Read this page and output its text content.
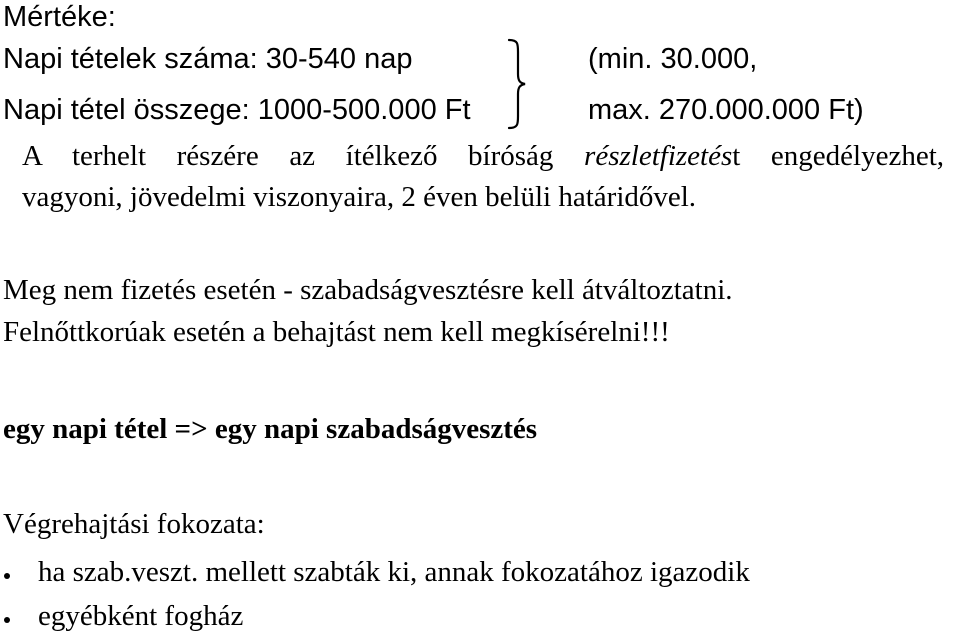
Mértéke:
Napi tételek száma: 30-540 nap	(min. 30.000,
Napi tétel összege: 1000-500.000 Ft	max. 270.000.000 Ft)
A terhelt részére az ítélkező bíróság részletfizetést engedélyezhet,
vagyoni, jövedelmi viszonyaira, 2 éven belüli határidővel.
Meg nem fizetés esetén - szabadságvesztésre kell átváltoztatni.
Felnőttkorúak esetén a behajtást nem kell megkísérelni!!!
egy napi tétel => egy napi szabadságvesztés
Végrehajtási fokozata:
ha szab.veszt. mellett szabták ki, annak fokozatához igazodik
egyébként fogház
